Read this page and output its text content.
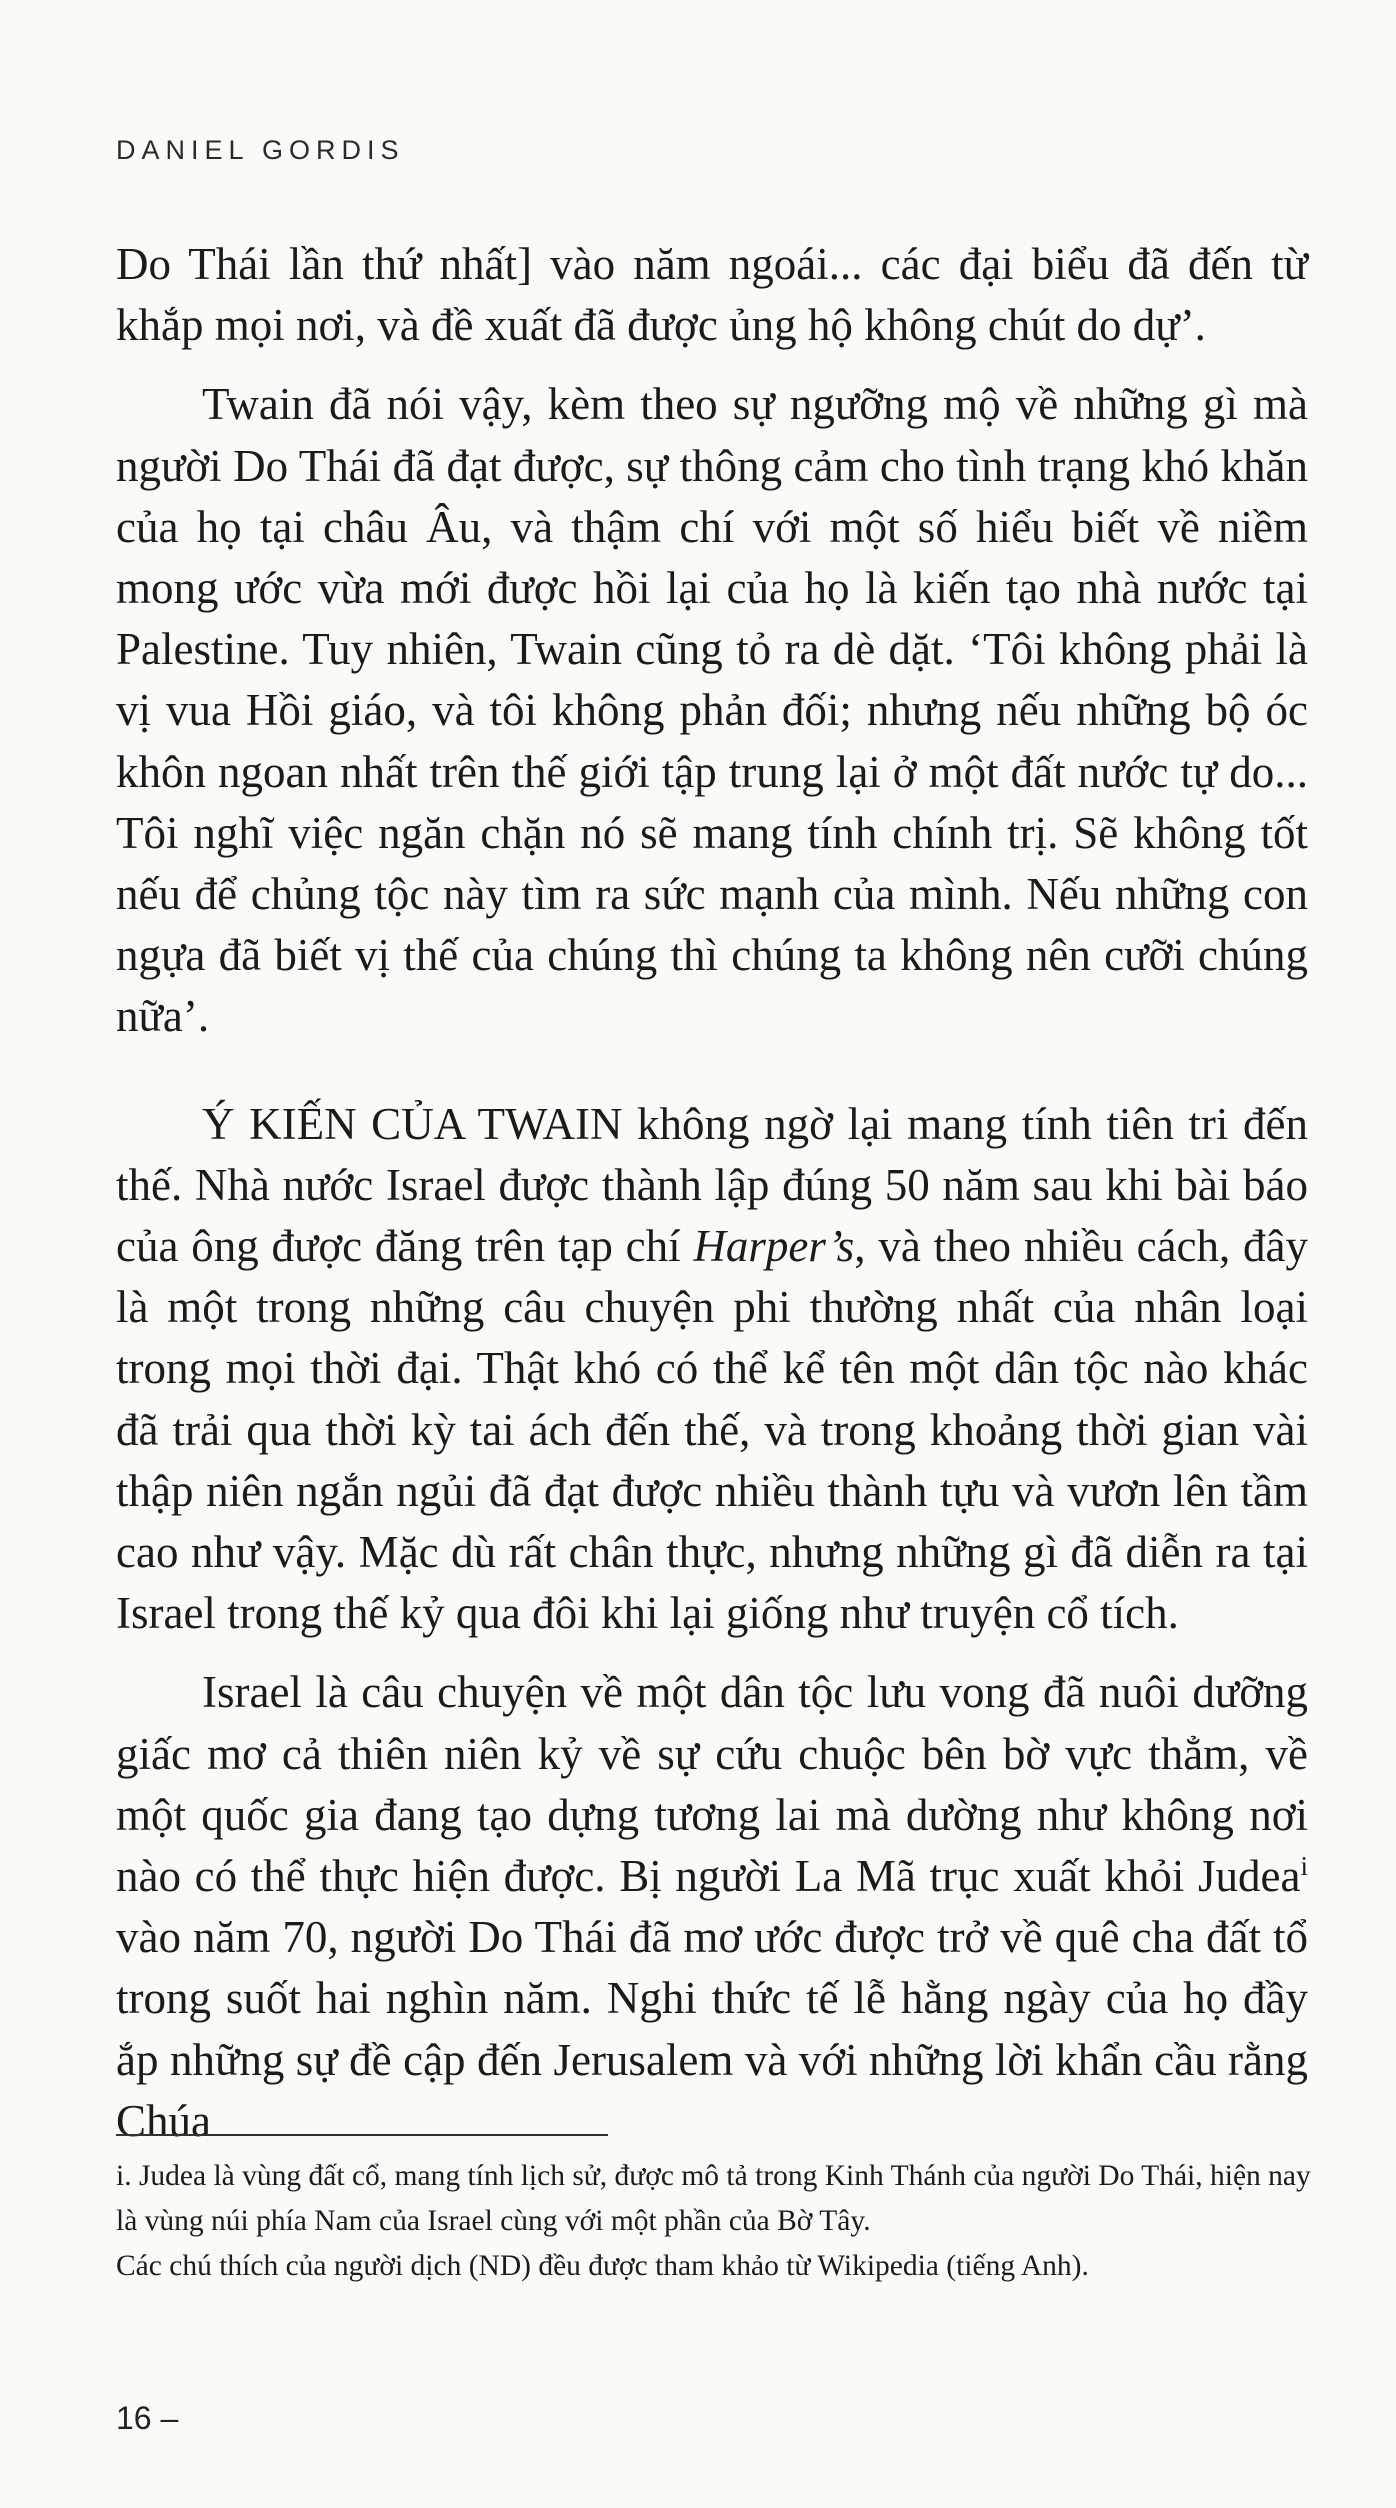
DANIEL GORDIS

Do Thái lần thứ nhất] vào năm ngoái... các đại biểu đã đến từ khắp mọi nơi, và đề xuất đã được ủng hộ không chút do dự’.

Twain đã nói vậy, kèm theo sự ngưỡng mộ về những gì mà người Do Thái đã đạt được, sự thông cảm cho tình trạng khó khăn của họ tại châu Âu, và thậm chí với một số hiểu biết về niềm mong ước vừa mới được hồi lại của họ là kiến tạo nhà nước tại Palestine. Tuy nhiên, Twain cũng tỏ ra dè dặt. ‘Tôi không phải là vị vua Hồi giáo, và tôi không phản đối; nhưng nếu những bộ óc khôn ngoan nhất trên thế giới tập trung lại ở một đất nước tự do... Tôi nghĩ việc ngăn chặn nó sẽ mang tính chính trị. Sẽ không tốt nếu để chủng tộc này tìm ra sức mạnh của mình. Nếu những con ngựa đã biết vị thế của chúng thì chúng ta không nên cưỡi chúng nữa’.

Ý KIẾN CỦA TWAIN không ngờ lại mang tính tiên tri đến thế. Nhà nước Israel được thành lập đúng 50 năm sau khi bài báo của ông được đăng trên tạp chí Harper’s, và theo nhiều cách, đây là một trong những câu chuyện phi thường nhất của nhân loại trong mọi thời đại. Thật khó có thể kể tên một dân tộc nào khác đã trải qua thời kỳ tai ách đến thế, và trong khoảng thời gian vài thập niên ngắn ngủi đã đạt được nhiều thành tựu và vươn lên tầm cao như vậy. Mặc dù rất chân thực, nhưng những gì đã diễn ra tại Israel trong thế kỷ qua đôi khi lại giống như truyện cổ tích.

Israel là câu chuyện về một dân tộc lưu vong đã nuôi dưỡng giấc mơ cả thiên niên kỷ về sự cứu chuộc bên bờ vực thẳm, về một quốc gia đang tạo dựng tương lai mà dường như không nơi nào có thể thực hiện được. Bị người La Mã trục xuất khỏi Judea$^i$ vào năm 70, người Do Thái đã mơ ước được trở về quê cha đất tổ trong suốt hai nghìn năm. Nghi thức tế lễ hằng ngày của họ đầy ắp những sự đề cập đến Jerusalem và với những lời khẩn cầu rằng Chúa

i. Judea là vùng đất cổ, mang tính lịch sử, được mô tả trong Kinh Thánh của người Do Thái, hiện nay là vùng núi phía Nam của Israel cùng với một phần của Bờ Tây.

Các chú thích của người dịch (ND) đều được tham khảo từ Wikipedia (tiếng Anh).

16 –
